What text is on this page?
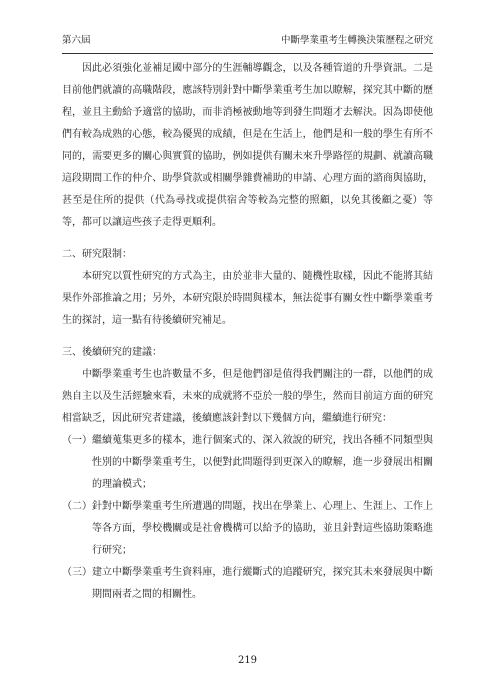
第六屆	中斷學業重考生轉換決策歷程之研究

因此必須強化並補足國中部分的生涯輔導觀念，以及各種管道的升學資訊。二是目前他們就讀的高職階段，應該特別針對中斷學業重考生加以瞭解，探究其中斷的歷程，並且主動給予適當的協助，而非消極被動地等到發生問題才去解決。因為即使他們有較為成熟的心態，較為優異的成績，但是在生活上，他們是和一般的學生有所不同的，需要更多的關心與實質的協助，例如提供有關未來升學路徑的規劃、就讀高職這段期間工作的仲介、助學貸款或相關學雜費補助的申請、心理方面的諮商與協助，甚至是住所的提供（代為尋找或提供宿舍等較為完整的照顧，以免其後顧之憂）等等，都可以讓這些孩子走得更順利。

二、研究限制：

本研究以質性研究的方式為主，由於並非大量的、隨機性取樣，因此不能將其結果作外部推論之用；另外，本研究限於時間與樣本，無法從事有關女性中斷學業重考生的探討，這一點有待後續研究補足。

三、後續研究的建議：

中斷學業重考生也許數量不多，但是他們卻是值得我們關注的一群，以他們的成熟自主以及生活經驗來看，未來的成就將不亞於一般的學生，然而目前這方面的研究相當缺乏，因此研究者建議，後續應該針對以下幾個方向，繼續進行研究：

（一） 繼續蒐集更多的樣本，進行個案式的、深入敘說的研究，找出各種不同類型與性別的中斷學業重考生，以便對此問題得到更深入的瞭解，進一步發展出相關的理論模式；
（二） 針對中斷學業重考生所遭遇的問題，找出在學業上、心理上、生涯上、工作上等各方面，學校機關或是社會機構可以給予的協助，並且針對這些協助策略進行研究；
（三） 建立中斷學業重考生資料庫，進行縱斷式的追蹤研究，探究其未來發展與中斷期間兩者之間的相關性。
219
